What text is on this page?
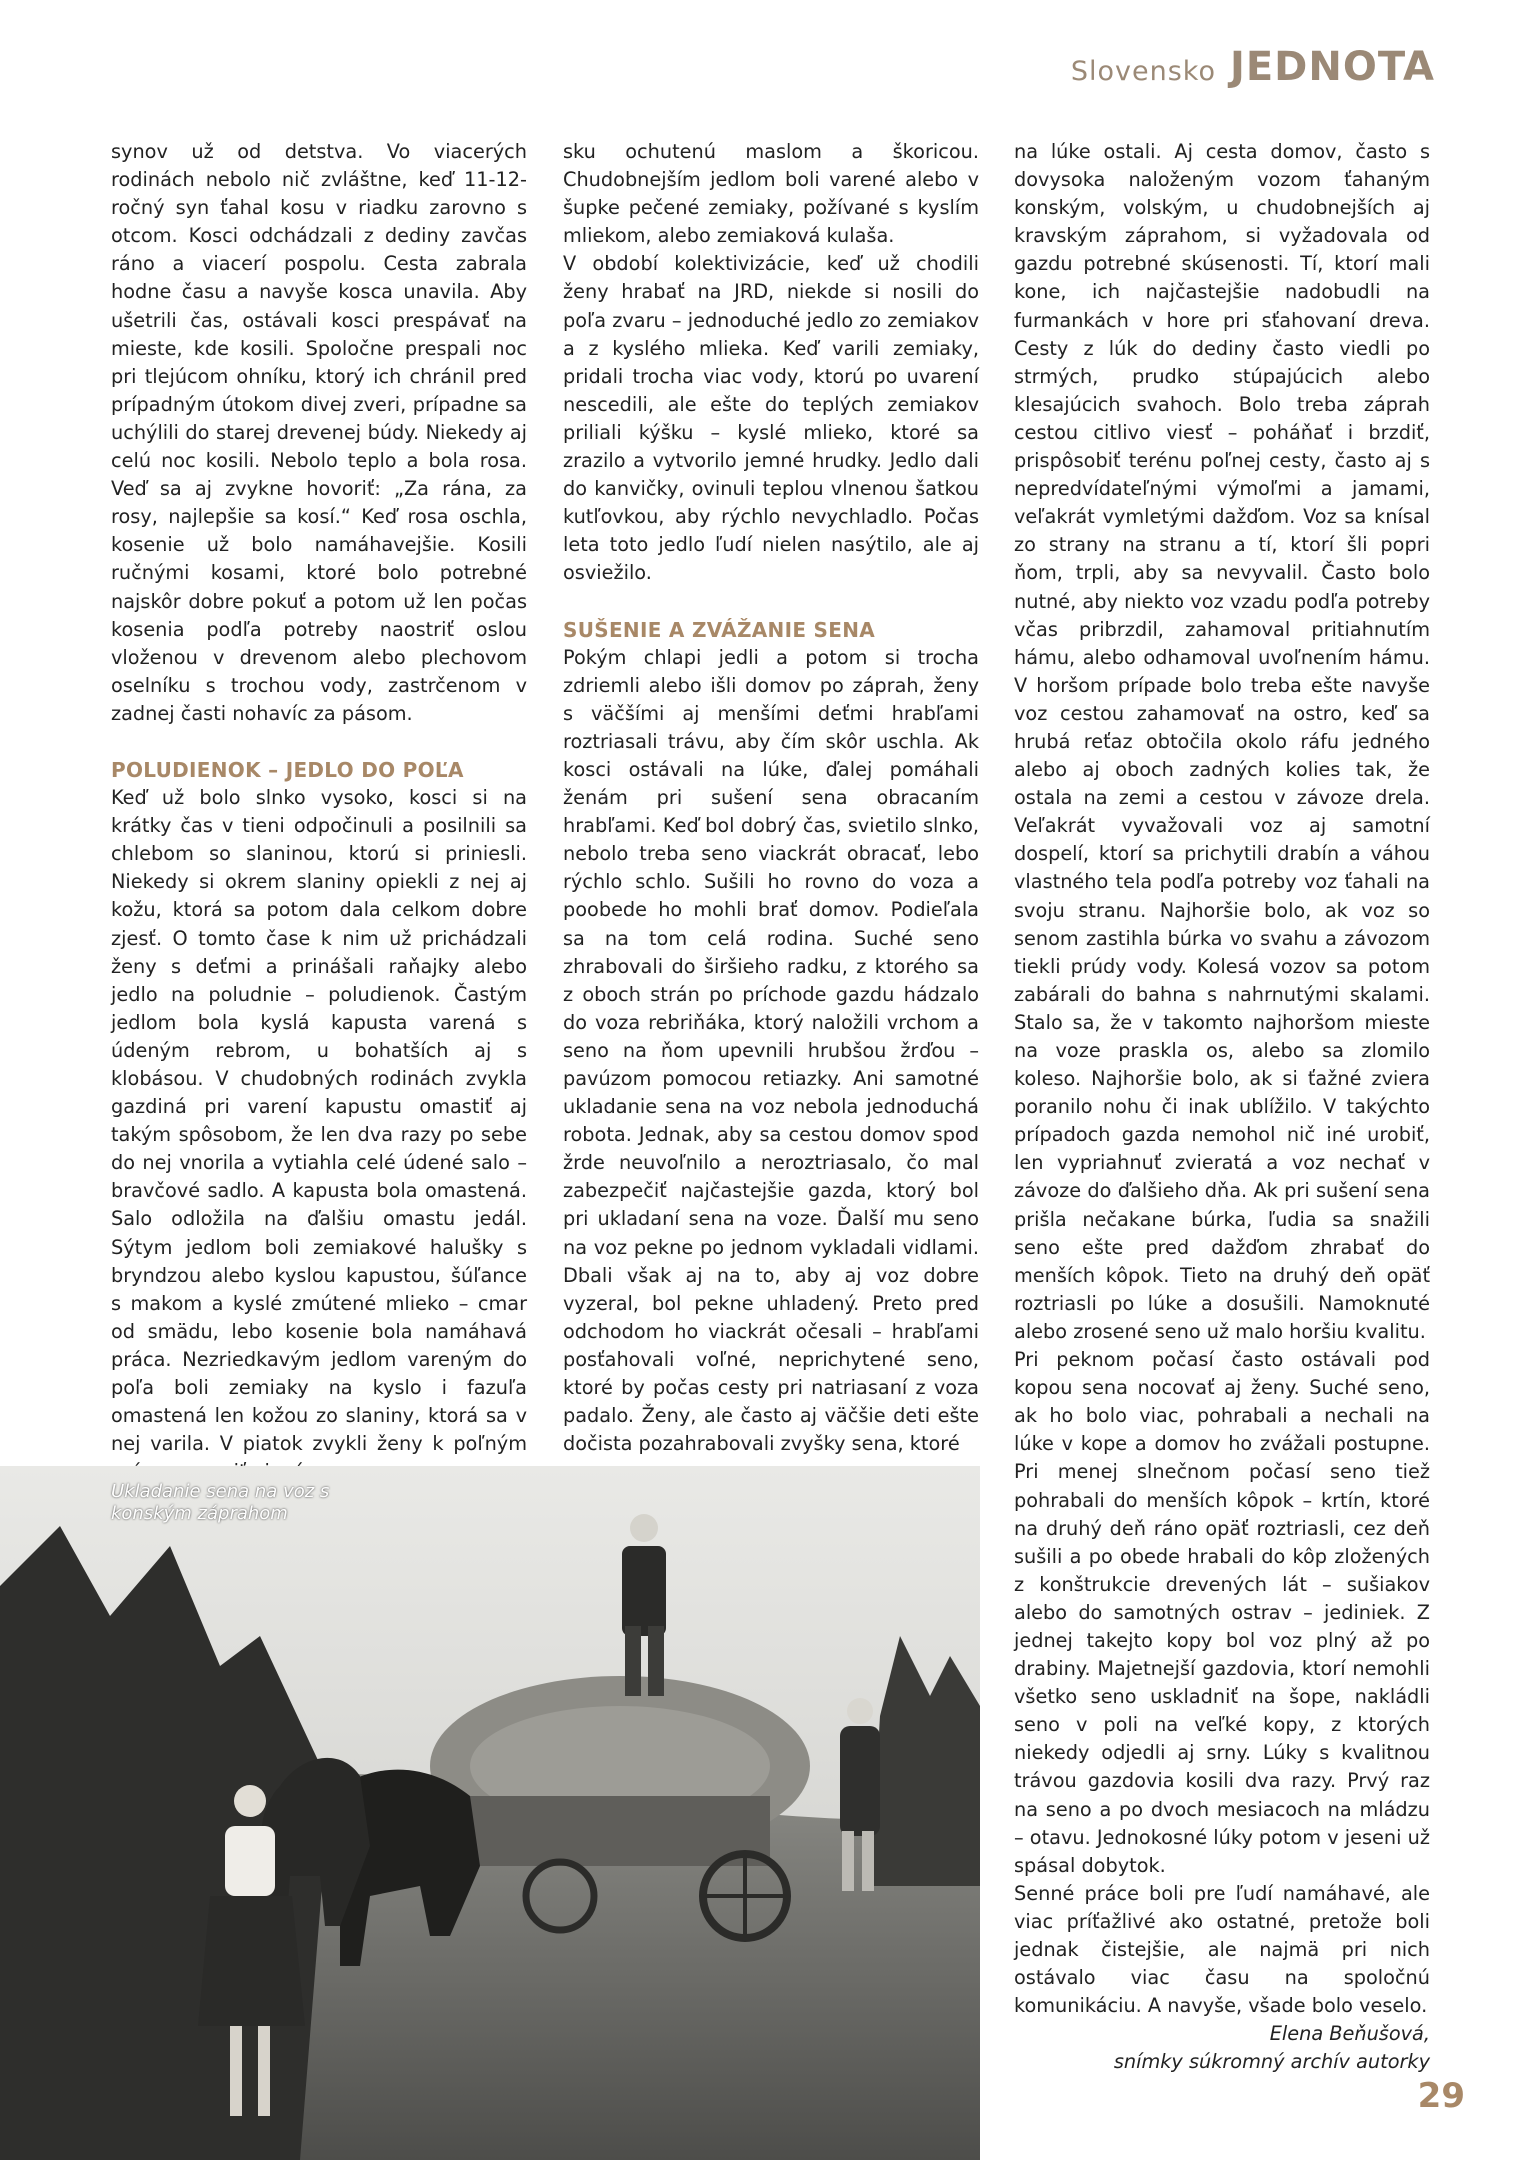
Slovensko JEDNOTA

synov už od detstva. Vo viacerých rodinách nebolo nič zvláštne, keď 11-12-ročný syn ťahal kosu v riadku zarovno s otcom. Kosci odchádzali z dediny zavčas ráno a viacerí pospolu. Cesta zabrala hodne času a navyše kosca unavila. Aby ušetrili čas, ostávali kosci prespávať na mieste, kde kosili. Spoločne prespali noc pri tlejúcom ohníku, ktorý ich chránil pred prípadným útokom divej zveri, prípadne sa uchýlili do starej drevenej búdy. Niekedy aj celú noc kosili. Nebolo teplo a bola rosa. Veď sa aj zvykne hovoriť: „Za rána, za rosy, najlepšie sa kosí.“ Keď rosa oschla, kosenie už bolo namáhavejšie. Kosili ručnými kosami, ktoré bolo potrebné najskôr dobre pokuť a potom už len počas kosenia podľa potreby naostriť oslou vloženou v drevenom alebo plechovom oselníku s trochou vody, zastrčenom v zadnej časti nohavíc za pásom.

POLUDIENOK – JEDLO DO POĽA

Keď už bolo slnko vysoko, kosci si na krátky čas v tieni odpočinuli a posilnili sa chlebom so slaninou, ktorú si priniesli. Niekedy si okrem slaniny opiekli z nej aj kožu, ktorá sa potom dala celkom dobre zjesť. O tomto čase k nim už prichádzali ženy s deťmi a prinášali raňajky alebo jedlo na poludnie – poludienok. Častým jedlom bola kyslá kapusta varená s údeným rebrom, u bohatších aj s klobásou. V chudobných rodinách zvykla gazdiná pri varení kapustu omastiť aj takým spôsobom, že len dva razy po sebe do nej vnorila a vytiahla celé údené salo – bravčové sadlo. A kapusta bola omastená. Salo odložila na ďalšiu omastu jedál. Sýtym jedlom boli zemiakové halušky s bryndzou alebo kyslou kapustou, šúľance s makom a kyslé zmútené mlieko – cmar od smädu, lebo kosenie bola namáhavá práca. Nezriedkavým jedlom vareným do poľa boli zemiaky na kyslo i fazuľa omastená len kožou zo slaniny, ktorá sa v nej varila. V piatok zvykli ženy k poľným

sku ochutenú maslom a škoricou. Chudobnejším jedlom boli varené alebo v šupke pečené zemiaky, požívané s kyslím mliekom, alebo zemiaková kulaša.

V období kolektivizácie, keď už chodili ženy hrabať na JRD, niekde si nosili do poľa zvaru – jednoduché jedlo zo zemiakov a z kyslého mlieka. Keď varili zemiaky, pridali trocha viac vody, ktorú po uvarení nescedili, ale ešte do teplých zemiakov priliali kýšku – kyslé mlieko, ktoré sa zrazilo a vytvorilo jemné hrudky. Jedlo dali do kanvičky, ovinuli teplou vlnenou šatkou kutľovkou, aby rýchlo nevychladlo. Počas leta toto jedlo ľudí nielen nasýtilo, ale aj osviežilo.

SUŠENIE A ZVÁŽANIE SENA

Pokým chlapi jedli a potom si trocha zdriemli alebo išli domov po záprah, ženy s väčšími aj menšími deťmi hrabľami roztriasali trávu, aby čím skôr uschla. Ak kosci ostávali na lúke, ďalej pomáhali ženám pri sušení sena obracaním hrabľami. Keď bol dobrý čas, svietilo slnko, nebolo treba seno viackrát obracať, lebo rýchlo schlo. Sušili ho rovno do voza a poobede ho mohli brať domov. Podieľala sa na tom celá rodina. Suché seno zhrabovali do širšieho radku, z ktorého sa z oboch strán po príchode gazdu hádzalo do voza rebriňáka, ktorý naložili vrchom a seno na ňom upevnili hrubšou žrďou – pavúzom pomocou retiazky. Ani samotné ukladanie sena na voz nebola jednoduchá robota. Jednak, aby sa cestou domov spod žrde neuvoľnilo a neroztriasalo, čo mal zabezpečiť najčastejšie gazda, ktorý bol pri ukladaní sena na voze. Ďalší mu seno na voz pekne po jednom vykladali vidlami. Dbali však aj na to, aby aj voz dobre vyzeral, bol pekne uhladený. Preto pred odchodom ho viackrát očesali – hrabľami posťahovali voľné, neprichytené seno, ktoré by počas cesty pri natriasaní z voza padalo. Ženy, ale často aj väčšie deti ešte dočista pozahrabovali zvyšky sena, ktoré

na lúke ostali. Aj cesta domov, často s dovysoka naloženým vozom ťahaným konským, volským, u chudobnejších aj kravským záprahom, si vyžadovala od gazdu potrebné skúsenosti. Tí, ktorí mali kone, ich najčastejšie nadobudli na furmankách v hore pri sťahovaní dreva. Cesty z lúk do dediny často viedli po strmých, prudko stúpajúcich alebo klesajúcich svahoch. Bolo treba záprah cestou citlivo viesť – poháňať i brzdiť, prispôsobiť terénu poľnej cesty, často aj s nepredvídateľnými výmoľmi a jamami, veľakrát vymletými dažďom. Voz sa knísal zo strany na stranu a tí, ktorí šli popri ňom, trpli, aby sa nevyvalil. Často bolo nutné, aby niekto voz vzadu podľa potreby včas pribrzdil, zahamoval pritiahnutím hámu, alebo odhamoval uvoľnením hámu. V horšom prípade bolo treba ešte navyše voz cestou zahamovať na ostro, keď sa hrubá reťaz obtočila okolo ráfu jedného alebo aj oboch zadných kolies tak, že ostala na zemi a cestou v závoze drela. Veľakrát vyvažovali voz aj samotní dospelí, ktorí sa prichytili drabín a váhou vlastného tela podľa potreby voz ťahali na svoju stranu. Najhoršie bolo, ak voz so senom zastihla búrka vo svahu a závozom tiekli prúdy vody. Kolesá vozov sa potom zabárali do bahna s nahrnutými skalami. Stalo sa, že v takomto najhoršom mieste na voze praskla os, alebo sa zlomilo koleso. Najhoršie bolo, ak si ťažné zviera poranilo nohu či inak ublížilo. V takýchto prípadoch gazda nemohol nič iné urobiť, len vypriahnuť zvieratá a voz nechať v závoze do ďalšieho dňa. Ak pri sušení sena prišla nečakane búrka, ľudia sa snažili seno ešte pred dažďom zhrabať do menších kôpok. Tieto na druhý deň opäť roztriasli po lúke a dosušili. Namoknuté alebo zrosené seno už malo horšiu kvalitu.

Pri peknom počasí často ostávali pod kopou sena nocovať aj ženy. Suché seno, ak ho bolo viac, pohrabali a nechali na lúke v kope a domov ho zvážali postupne. Pri menej slnečnom počasí seno tiež pohrabali do menších kôpok – krtín, ktoré na druhý deň ráno opäť roztriasli, cez deň sušili a po obede hrabali do kôp zložených z konštrukcie drevených lát – sušiakov alebo do samotných ostrav – jediniek. Z jednej takejto kopy bol voz plný až po drabiny. Majetnejší gazdovia, ktorí nemohli všetko seno uskladniť na šope, nakládli seno v poli na veľké kopy, z ktorých niekedy odjedli aj srny. Lúky s kvalitnou trávou gazdovia kosili dva razy. Prvý raz na seno a po dvoch mesiacoch na mládzu – otavu. Jednokosné lúky potom v jeseni už spásal dobytok.

Senné práce boli pre ľudí namáhavé, ale viac príťažlivé ako ostatné, pretože boli jednak čistejšie, ale najmä pri nich ostávalo viac času na spoločnú komunikáciu. A navyše, všade bolo veselo.

Elena Beňušová,

snímky súkromný archív autorky

Ukladanie sena na voz s konským záprahom
29
